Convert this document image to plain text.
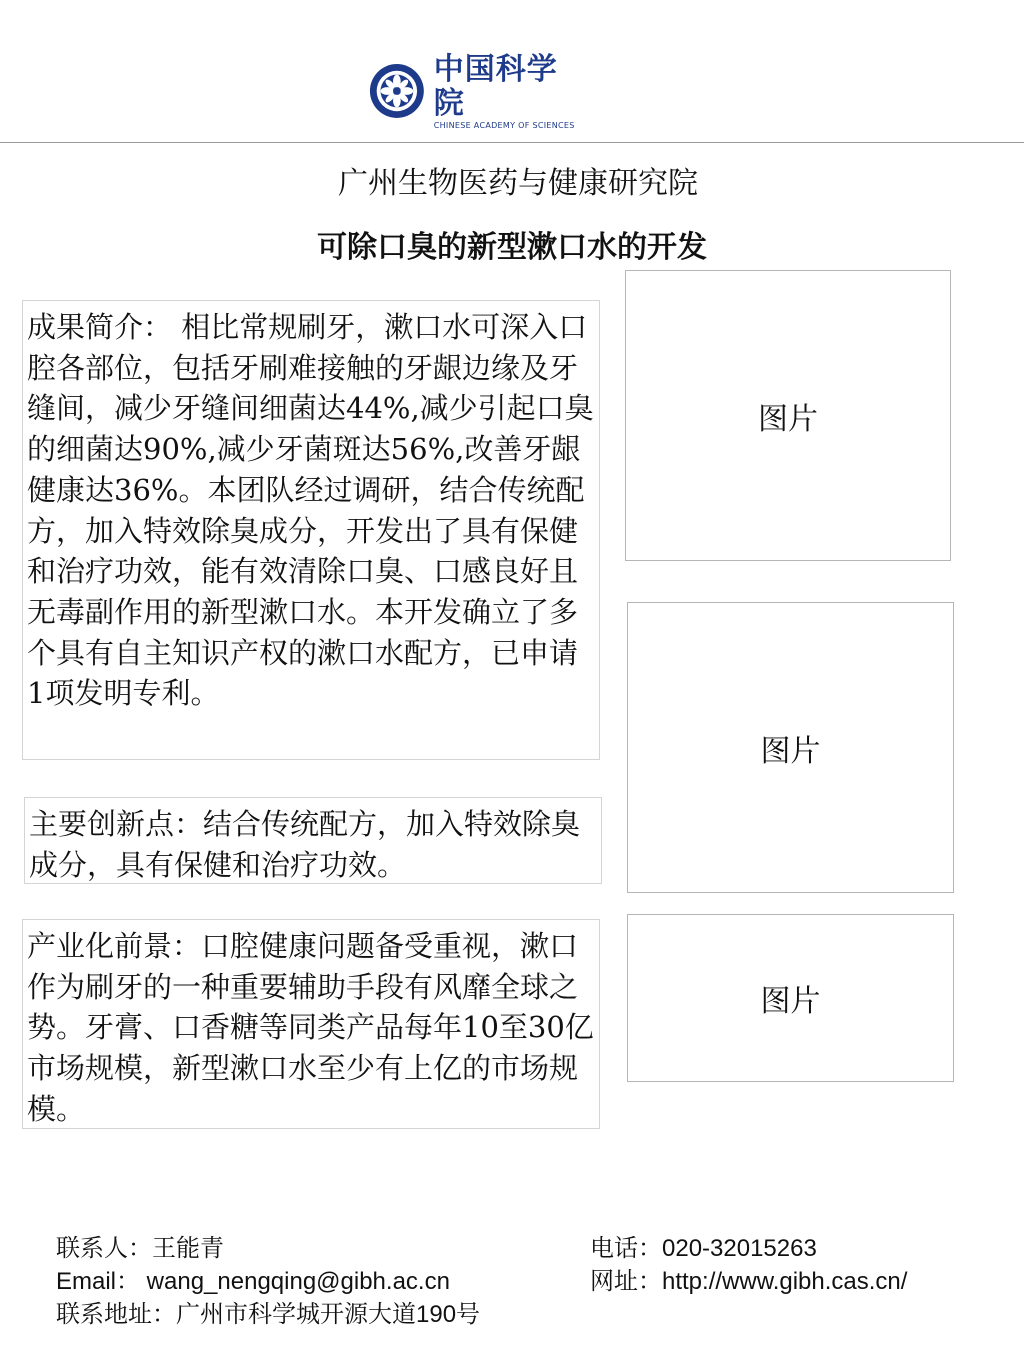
中国科学院
CHINESE ACADEMY OF SCIENCES
广州生物医药与健康研究院
可除口臭的新型漱口水的开发
成果简介： 相比常规刷牙，漱口水可深入口腔各部位，包括牙刷难接触的牙龈边缘及牙缝间，减少牙缝间细菌达44%,减少引起口臭的细菌达90%,减少牙菌斑达56%,改善牙龈健康达36%。本团队经过调研，结合传统配方，加入特效除臭成分，开发出了具有保健和治疗功效，能有效清除口臭、口感良好且无毒副作用的新型漱口水。本开发确立了多个具有自主知识产权的漱口水配方，已申请1项发明专利。
主要创新点：结合传统配方，加入特效除臭成分，具有保健和治疗功效。
产业化前景：口腔健康问题备受重视，漱口作为刷牙的一种重要辅助手段有风靡全球之势。牙膏、口香糖等同类产品每年10至30亿市场规模，新型漱口水至少有上亿的市场规模。
图片
图片
图片
联系人：王能青
Email： wang_nengqing@gibh.ac.cn
联系地址：广州市科学城开源大道190号
电话：020-32015263
网址：http://www.gibh.cas.cn/
